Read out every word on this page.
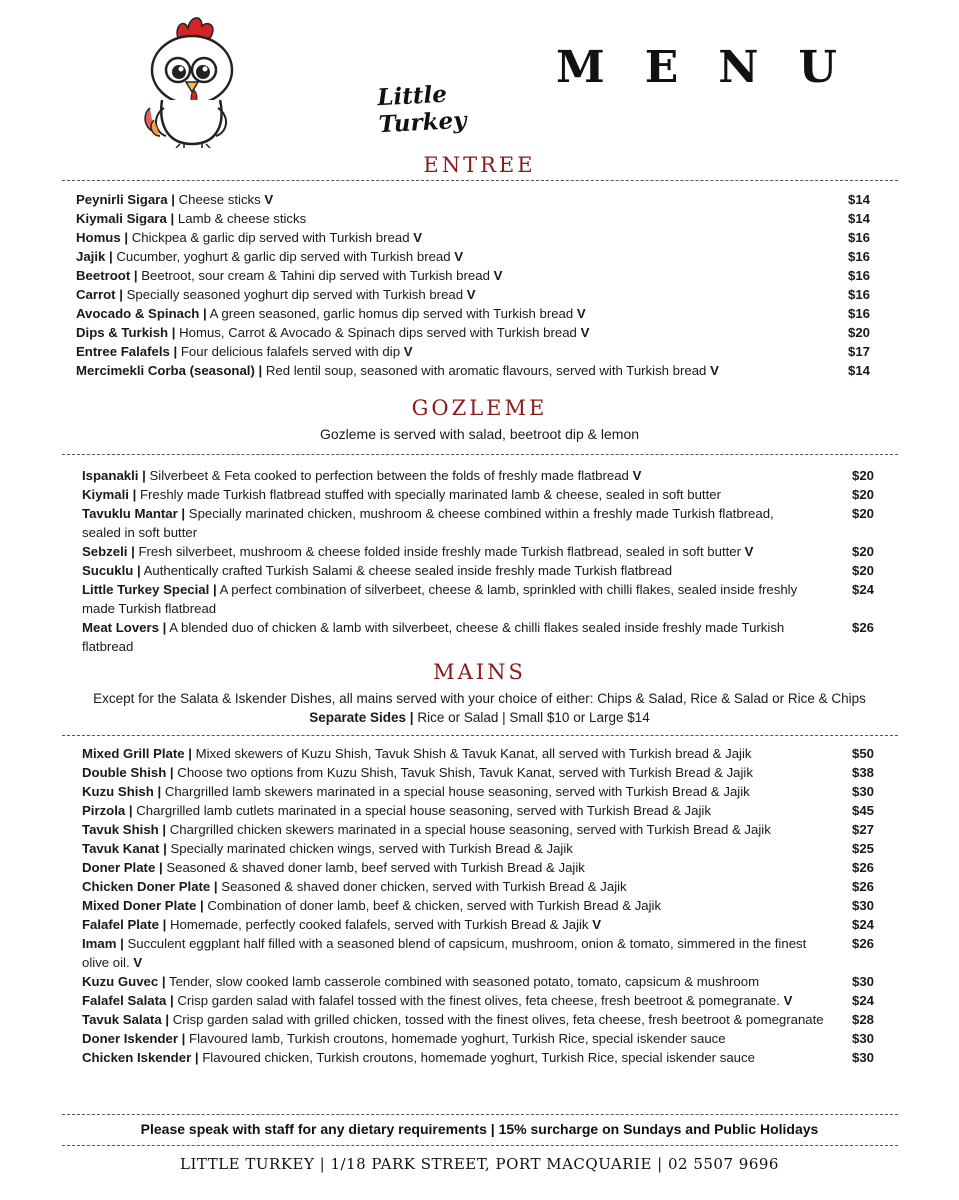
Little Turkey
MENU
ENTREE
Peynirli Sigara | Cheese sticks V	$14
Kiymali Sigara | Lamb & cheese sticks	$14
Homus | Chickpea & garlic dip served with Turkish bread V	$16
Jajik | Cucumber, yoghurt & garlic dip served with Turkish bread V	$16
Beetroot | Beetroot, sour cream & Tahini dip served with Turkish bread V	$16
Carrot | Specially seasoned yoghurt dip served with Turkish bread V	$16
Avocado & Spinach | A green seasoned, garlic homus dip served with Turkish bread V	$16
Dips & Turkish | Homus, Carrot & Avocado & Spinach dips served with Turkish bread V	$20
Entree Falafels | Four delicious falafels served with dip V	$17
Mercimekli Corba (seasonal) | Red lentil soup, seasoned with aromatic flavours, served with Turkish bread V	$14
GOZLEME
Gozleme is served with salad, beetroot dip & lemon
Ispanakli | Silverbeet & Feta cooked to perfection between the folds of freshly made flatbread V	$20
Kiymali | Freshly made Turkish flatbread stuffed with specially marinated lamb & cheese, sealed in soft butter	$20
Tavuklu Mantar | Specially marinated chicken, mushroom & cheese combined within a freshly made Turkish flatbread, sealed in soft butter
$20
Sebzeli | Fresh silverbeet, mushroom & cheese folded inside freshly made Turkish flatbread, sealed in soft butter V	$20
Sucuklu | Authentically crafted Turkish Salami & cheese sealed inside freshly made Turkish flatbread	$20
Little Turkey Special | A perfect combination of silverbeet, cheese & lamb, sprinkled with chilli flakes, sealed inside freshly made Turkish flatbread
$24
Meat Lovers | A blended duo of chicken & lamb with silverbeet, cheese & chilli flakes sealed inside freshly made Turkish flatbread
$26
MAINS
Except for the Salata & Iskender Dishes, all mains served with your choice of either: Chips & Salad, Rice & Salad or Rice & Chips
Separate Sides | Rice or Salad | Small $10 or Large $14
Mixed Grill Plate | Mixed skewers of Kuzu Shish, Tavuk Shish & Tavuk Kanat, all served with Turkish bread & Jajik	$50
Double Shish | Choose two options from Kuzu Shish, Tavuk Shish, Tavuk Kanat, served with Turkish Bread & Jajik	$38
Kuzu Shish | Chargrilled lamb skewers marinated in a special house seasoning, served with Turkish Bread & Jajik	$30
Pirzola | Chargrilled lamb cutlets marinated in a special house seasoning, served with Turkish Bread & Jajik	$45
Tavuk Shish | Chargrilled chicken skewers marinated in a special house seasoning, served with Turkish Bread & Jajik	$27
Tavuk Kanat | Specially marinated chicken wings, served with Turkish Bread & Jajik	$25
Doner Plate | Seasoned & shaved doner lamb, beef served with Turkish Bread & Jajik	$26
Chicken Doner Plate | Seasoned & shaved doner chicken, served with Turkish Bread & Jajik	$26
Mixed Doner Plate | Combination of doner lamb, beef & chicken, served with Turkish Bread & Jajik	$30
Falafel Plate | Homemade, perfectly cooked falafels, served with Turkish Bread & Jajik V	$24
Imam | Succulent eggplant half filled with a seasoned blend of capsicum, mushroom, onion & tomato, simmered in the finest olive oil. V
$26
Kuzu Guvec | Tender, slow cooked lamb casserole combined with seasoned potato, tomato, capsicum & mushroom	$30
Falafel Salata | Crisp garden salad with falafel tossed with the finest olives, feta cheese, fresh beetroot & pomegranate. V	$24
Tavuk Salata | Crisp garden salad with grilled chicken, tossed with the finest olives, feta cheese, fresh beetroot & pomegranate $28
Doner Iskender | Flavoured lamb, Turkish croutons, homemade yoghurt, Turkish Rice, special iskender sauce	$30
Chicken Iskender | Flavoured chicken, Turkish croutons, homemade yoghurt, Turkish Rice, special iskender sauce	$30
Please speak with staff for any dietary requirements | 15% surcharge on Sundays and Public Holidays
LITTLE TURKEY | 1/18 PARK STREET, PORT MACQUARIE | 02 5507 9696
